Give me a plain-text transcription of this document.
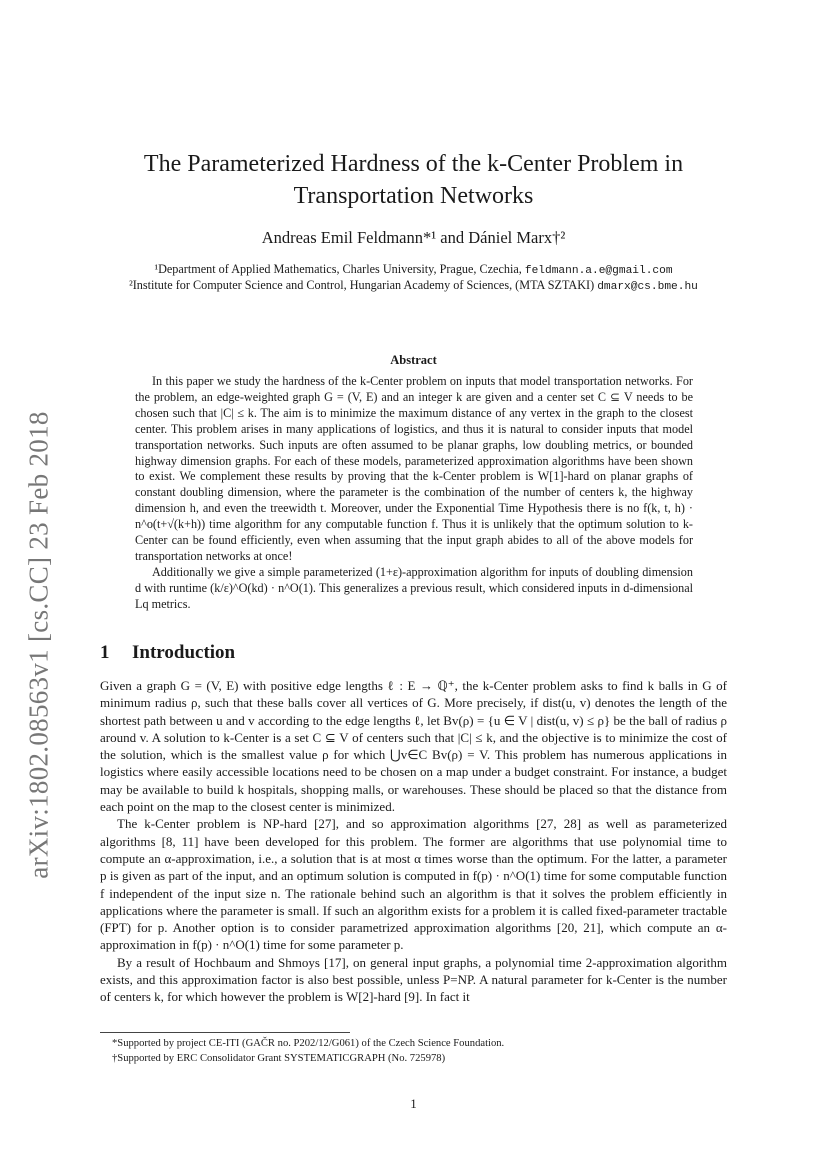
arXiv:1802.08563v1 [cs.CC] 23 Feb 2018
The Parameterized Hardness of the k-Center Problem in
Transportation Networks
Andreas Emil Feldmann*¹ and Dániel Marx†²
¹Department of Applied Mathematics, Charles University, Prague, Czechia, feldmann.a.e@gmail.com
²Institute for Computer Science and Control, Hungarian Academy of Sciences, (MTA SZTAKI) dmarx@cs.bme.hu
Abstract

In this paper we study the hardness of the k-Center problem on inputs that model transportation networks. For the problem, an edge-weighted graph G = (V, E) and an integer k are given and a center set C ⊆ V needs to be chosen such that |C| ≤ k. The aim is to minimize the maximum distance of any vertex in the graph to the closest center. This problem arises in many applications of logistics, and thus it is natural to consider inputs that model transportation networks. Such inputs are often assumed to be planar graphs, low doubling metrics, or bounded highway dimension graphs. For each of these models, parameterized approximation algorithms have been shown to exist. We complement these results by proving that the k-Center problem is W[1]-hard on planar graphs of constant doubling dimension, where the parameter is the combination of the number of centers k, the highway dimension h, and even the treewidth t. Moreover, under the Exponential Time Hypothesis there is no f(k, t, h) · n^o(t+√(k+h)) time algorithm for any computable function f. Thus it is unlikely that the optimum solution to k-Center can be found efficiently, even when assuming that the input graph abides to all of the above models for transportation networks at once!

Additionally we give a simple parameterized (1+ε)-approximation algorithm for inputs of doubling dimension d with runtime (k/ε)^O(kd) · n^O(1). This generalizes a previous result, which considered inputs in d-dimensional Lq metrics.

1 Introduction

Given a graph G = (V, E) with positive edge lengths ℓ : E → ℚ⁺, the k-Center problem asks to find k balls in G of minimum radius ρ, such that these balls cover all vertices of G. More precisely, if dist(u, v) denotes the length of the shortest path between u and v according to the edge lengths ℓ, let Bv(ρ) = {u ∈ V | dist(u, v) ≤ ρ} be the ball of radius ρ around v. A solution to k-Center is a set C ⊆ V of centers such that |C| ≤ k, and the objective is to minimize the cost of the solution, which is the smallest value ρ for which ⋃v∈C Bv(ρ) = V. This problem has numerous applications in logistics where easily accessible locations need to be chosen on a map under a budget constraint. For instance, a budget may be available to build k hospitals, shopping malls, or warehouses. These should be placed so that the distance from each point on the map to the closest center is minimized.

The k-Center problem is NP-hard [27], and so approximation algorithms [27, 28] as well as parameterized algorithms [8, 11] have been developed for this problem. The former are algorithms that use polynomial time to compute an α-approximation, i.e., a solution that is at most α times worse than the optimum. For the latter, a parameter p is given as part of the input, and an optimum solution is computed in f(p) · n^O(1) time for some computable function f independent of the input size n. The rationale behind such an algorithm is that it solves the problem efficiently in applications where the parameter is small. If such an algorithm exists for a problem it is called fixed-parameter tractable (FPT) for p. Another option is to consider parametrized approximation algorithms [20, 21], which compute an α-approximation in f(p) · n^O(1) time for some parameter p.

By a result of Hochbaum and Shmoys [17], on general input graphs, a polynomial time 2-approximation algorithm exists, and this approximation factor is also best possible, unless P=NP. A natural parameter for k-Center is the number of centers k, for which however the problem is W[2]-hard [9]. In fact it

*Supported by project CE-ITI (GAČR no. P202/12/G061) of the Czech Science Foundation.
†Supported by ERC Consolidator Grant SYSTEMATICGRAPH (No. 725978)
1
